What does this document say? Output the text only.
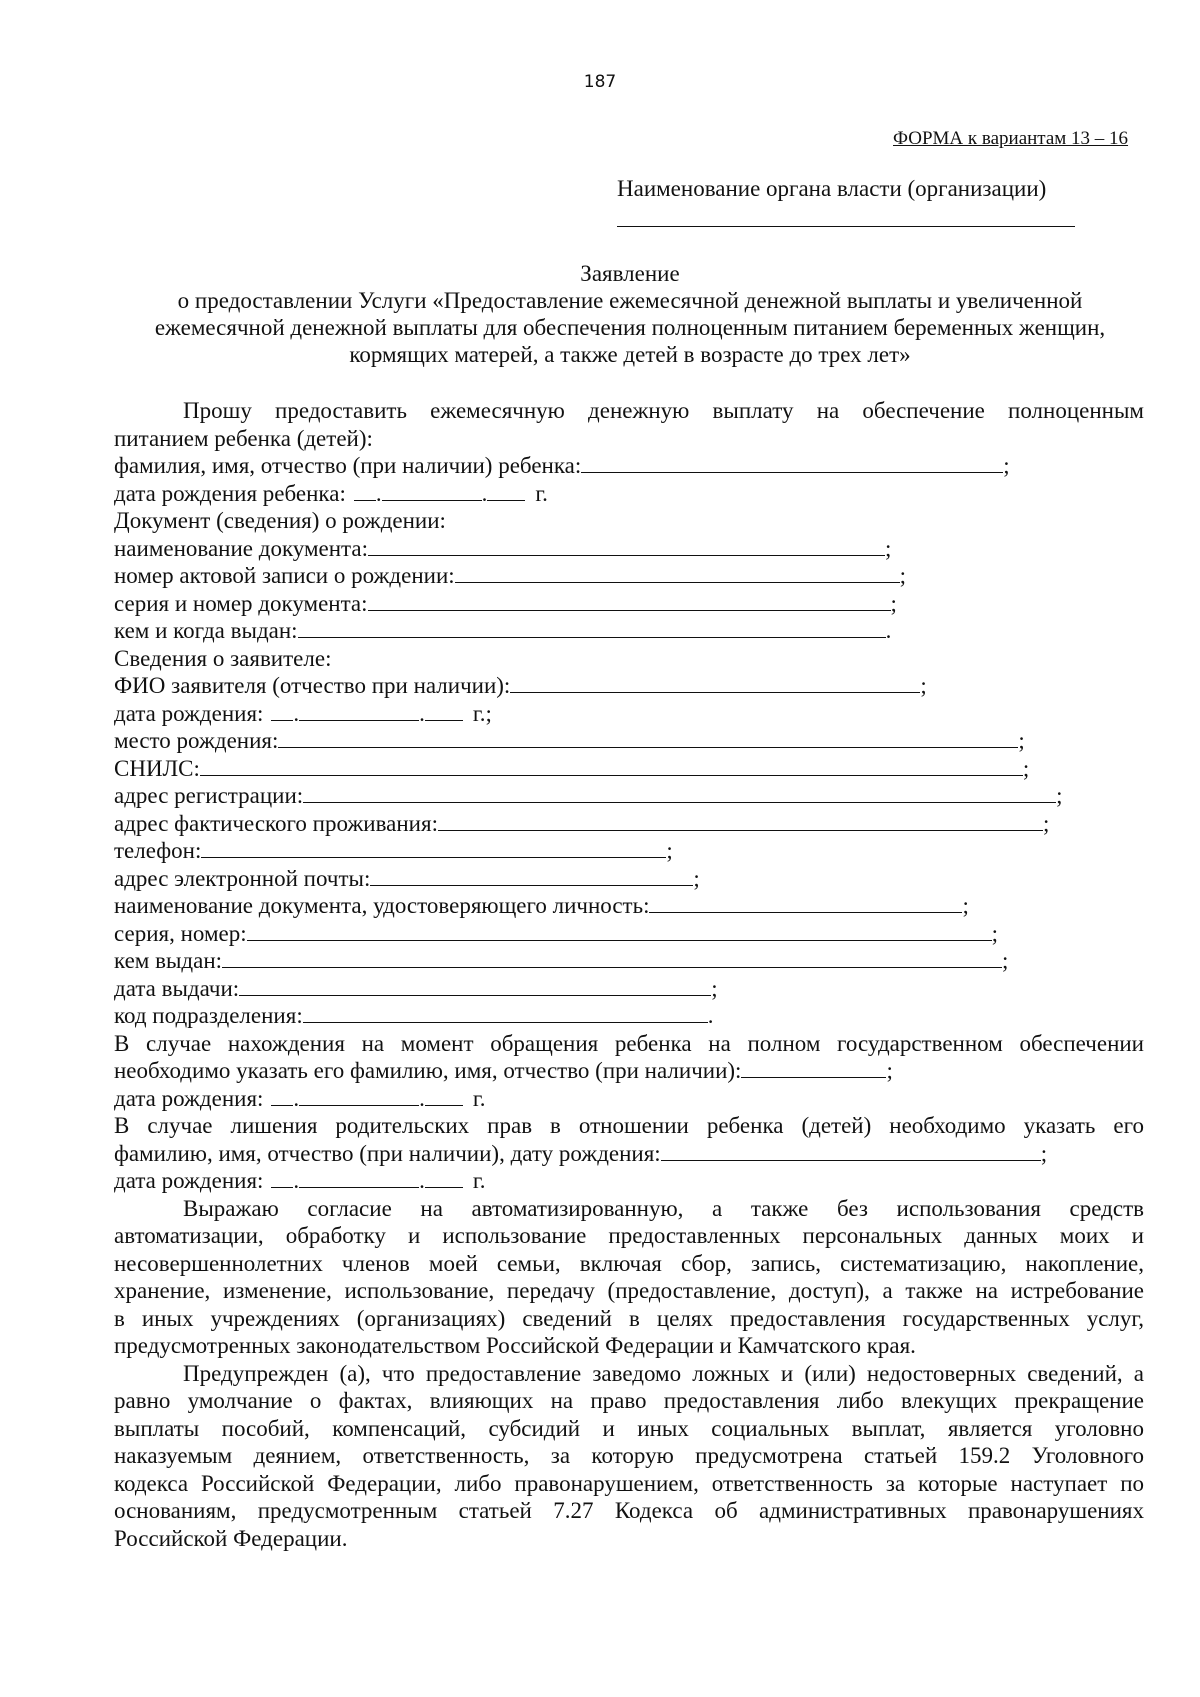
187
ФОРМА к вариантам 13 – 16
Наименование органа власти (организации)
Заявление
о предоставлении Услуги «Предоставление ежемесячной денежной выплаты и увеличенной
ежемесячной денежной выплаты для обеспечения полноценным питанием беременных женщин,
кормящих матерей, а также детей в возрасте до трех лет»
Прошу предоставить ежемесячную денежную выплату на обеспечение полноценным
питанием ребенка (детей):
фамилия, имя, отчество (при наличии) ребенка:	;
дата рождения ребенка: .	. г.
Документ (сведения) о рождении:
наименование документа:	;
номер актовой записи о рождении:	;
серия и номер документа:	;
кем и когда выдан:	.
Сведения о заявителе:
ФИО заявителя (отчество при наличии):	;
дата рождения: .	. г.;
место рождения:	;
СНИЛС:	;
адрес регистрации:	;
адрес фактического проживания:	;
телефон:	;
адрес электронной почты:	;
наименование документа, удостоверяющего личность:	;
серия, номер:	;
кем выдан:	;
дата выдачи:	;
код подразделения:	.
В случае нахождения на момент обращения ребенка на полном государственном обеспечении
необходимо указать его фамилию, имя, отчество (при наличии):	;
дата рождения: .	. г.
В случае лишения родительских прав в отношении ребенка (детей) необходимо указать его
фамилию, имя, отчество (при наличии), дату рождения:	;
дата рождения: .	. г.
Выражаю согласие на автоматизированную, а также без использования средств
автоматизации, обработку и использование предоставленных персональных данных моих и
несовершеннолетних членов моей семьи, включая сбор, запись, систематизацию, накопление,
хранение, изменение, использование, передачу (предоставление, доступ), а также на истребование
в иных учреждениях (организациях) сведений в целях предоставления государственных услуг,
предусмотренных законодательством Российской Федерации и Камчатского края.
Предупрежден (а), что предоставление заведомо ложных и (или) недостоверных сведений, а
равно умолчание о фактах, влияющих на право предоставления либо влекущих прекращение
выплаты пособий, компенсаций, субсидий и иных социальных выплат, является уголовно
наказуемым деянием, ответственность, за которую предусмотрена статьей 159.2 Уголовного
кодекса Российской Федерации, либо правонарушением, ответственность за которые наступает по
основаниям, предусмотренным статьей 7.27 Кодекса об административных правонарушениях
Российской Федерации.
